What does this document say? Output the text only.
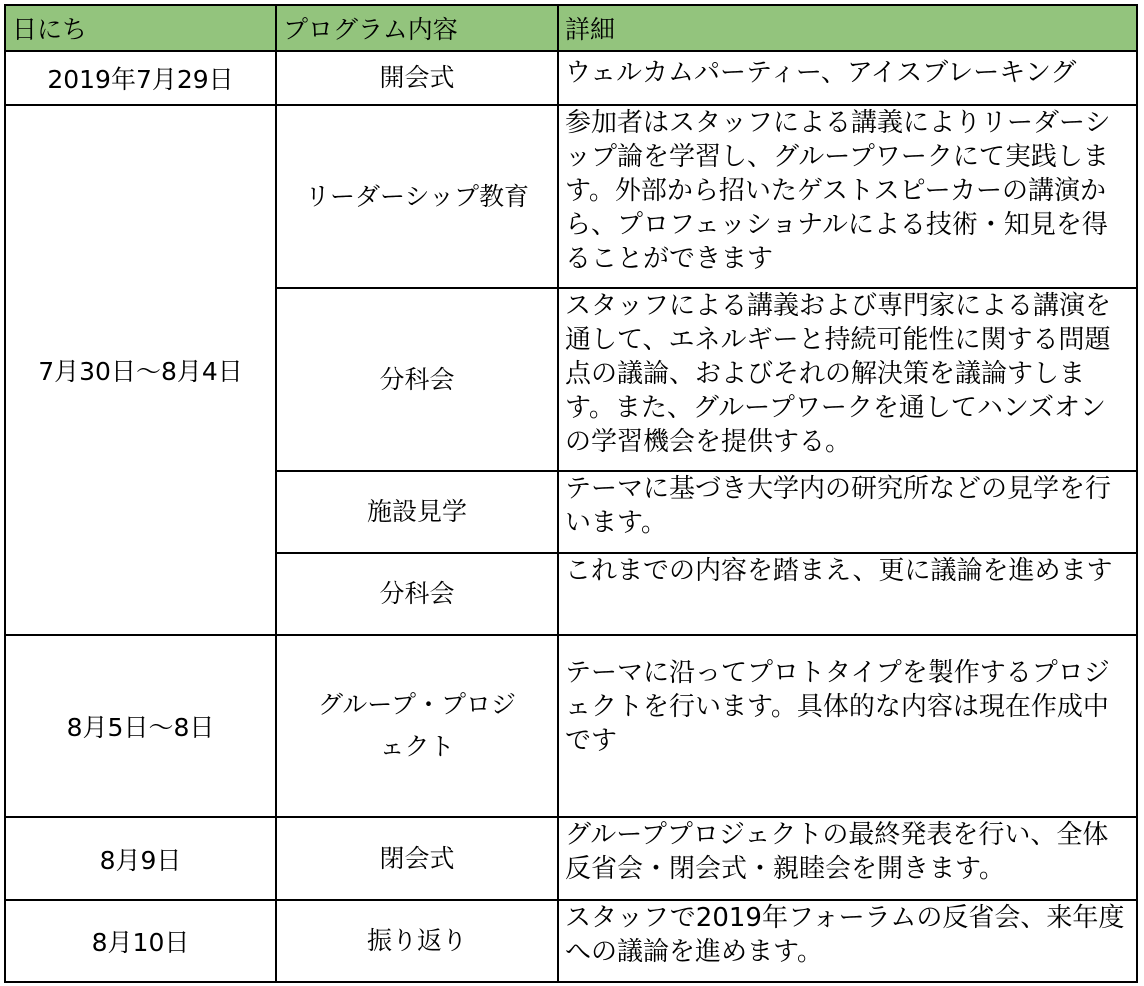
日にち	プログラム内容	詳細
2019年7月29日	開会式	ウェルカムパーティー、アイスブレーキング
7月30日〜8月4日	リーダーシップ教育	参加者はスタッフによる講義によりリーダーシップ論を学習し、グループワークにて実践します。外部から招いたゲストスピーカーの講演から、プロフェッショナルによる技術・知見を得ることができます
	分科会	スタッフによる講義および専門家による講演を通して、エネルギーと持続可能性に関する問題点の議論、およびそれの解決策を議論すします。また、グループワークを通してハンズオンの学習機会を提供する。
	施設見学	テーマに基づき大学内の研究所などの見学を行います。
	分科会	これまでの内容を踏まえ、更に議論を進めます
8月5日〜8日	グループ・プロジェクト	テーマに沿ってプロトタイプを製作するプロジェクトを行います。具体的な内容は現在作成中です
8月9日	閉会式	グループプロジェクトの最終発表を行い、全体反省会・閉会式・親睦会を開きます。
8月10日	振り返り	スタッフで2019年フォーラムの反省会、来年度への議論を進めます。
